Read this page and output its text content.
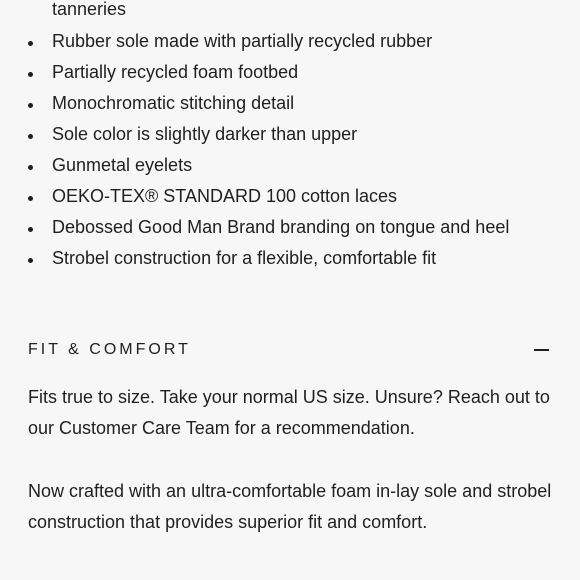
tanneries
Rubber sole made with partially recycled rubber
Partially recycled foam footbed
Monochromatic stitching detail
Sole color is slightly darker than upper
Gunmetal eyelets
OEKO-TEX® STANDARD 100 cotton laces
Debossed Good Man Brand branding on tongue and heel
Strobel construction for a flexible, comfortable fit
FIT & COMFORT
Fits true to size. Take your normal US size. Unsure? Reach out to our Customer Care Team for a recommendation.
Now crafted with an ultra-comfortable foam in-lay sole and strobel construction that provides superior fit and comfort.
